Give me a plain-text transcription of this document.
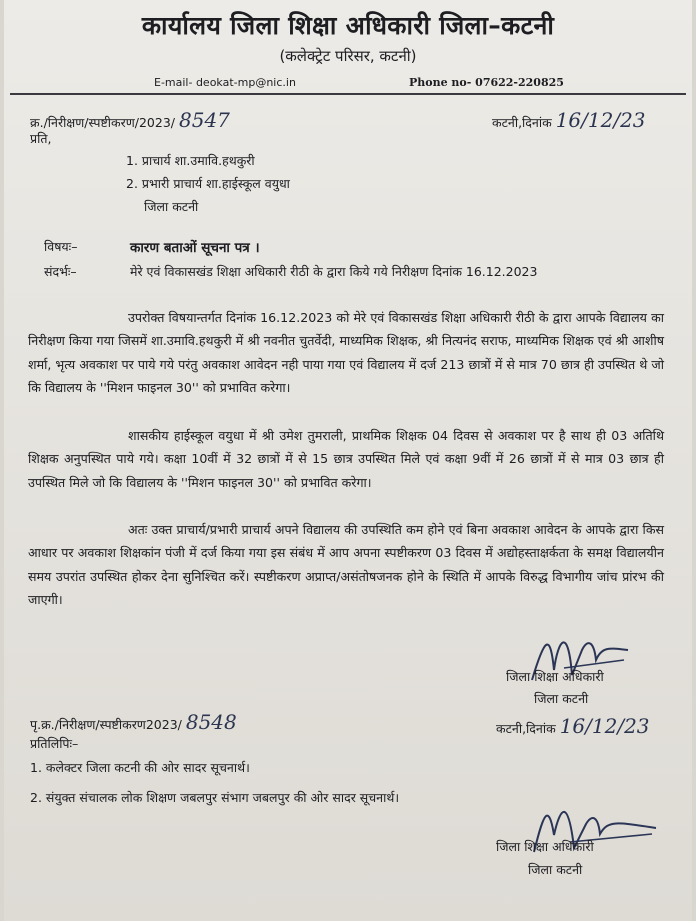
कार्यालय जिला शिक्षा अधिकारी जिला–कटनी
(कलेक्ट्रेट परिसर, कटनी)
E-mail- deokat-mp@nic.in	Phone no- 07622-220825
क्र./निरीक्षण/स्पष्टीकरण/2023/ 8547	कटनी,दिनांक 16/12/23
प्रति,
1. प्राचार्य शा.उमावि.हथकुरी
2. प्रभारी प्राचार्य शा.हाईस्कूल वयुधा
जिला कटनी
विषयः–	कारण बताओं सूचना पत्र ।
संदर्भः–	मेरे एवं विकासखंड शिक्षा अधिकारी रीठी के द्वारा किये गये निरीक्षण दिनांक 16.12.2023
उपरोक्त विषयान्तर्गत दिनांक 16.12.2023 को मेरे एवं विकासखंड शिक्षा अधिकारी रीठी के द्वारा आपके विद्यालय का निरीक्षण किया गया जिसमें शा.उमावि.हथकुरी में श्री नवनीत चुतर्वेदी, माध्यमिक शिक्षक, श्री नित्यनंद सराफ, माध्यमिक शिक्षक एवं श्री आशीष शर्मा, भृत्य अवकाश पर पाये गये परंतु अवकाश आवेदन नही पाया गया एवं विद्यालय में दर्ज 213 छात्रों में से मात्र 70 छात्र ही उपस्थित थे जो कि विद्यालय के ''मिशन फाइनल 30'' को प्रभावित करेगा।
शासकीय हाईस्कूल वयुधा में श्री उमेश तुमराली, प्राथमिक शिक्षक 04 दिवस से अवकाश पर है साथ ही 03 अतिथि शिक्षक अनुपस्थित पाये गये। कक्षा 10वीं में 32 छात्रों में से 15 छात्र उपस्थित मिले एवं कक्षा 9वीं में 26 छात्रों में से मात्र 03 छात्र ही उपस्थित मिले जो कि विद्यालय के ''मिशन फाइनल 30'' को प्रभावित करेगा।
अतः उक्त प्राचार्य/प्रभारी प्राचार्य अपने विद्यालय की उपस्थिति कम होने एवं बिना अवकाश आवेदन के आपके द्वारा किस आधार पर अवकाश शिक्षकांन पंजी में दर्ज किया गया इस संबंध में आप अपना स्पष्टीकरण 03 दिवस में अद्योहस्ताक्षर्कता के समक्ष विद्यालयीन समय उपरांत उपस्थित होकर देना सुनिश्चित करें। स्पष्टीकरण अप्राप्त/असंतोषजनक होने के स्थिति में आपके विरुद्ध विभागीय जांच प्रांरभ की जाएगी।
जिला शिक्षा अधिकारी
जिला कटनी
पृ.क्र./निरीक्षण/स्पष्टीकरण2023/ 8548	कटनी,दिनांक 16/12/23
प्रतिलिपिः–
1. कलेक्टर जिला कटनी की ओर सादर सूचनार्थ।
2. संयुक्त संचालक लोक शिक्षण जबलपुर संभाग जबलपुर की ओर सादर सूचनार्थ।
जिला शिक्षा अधिकारी
जिला कटनी
